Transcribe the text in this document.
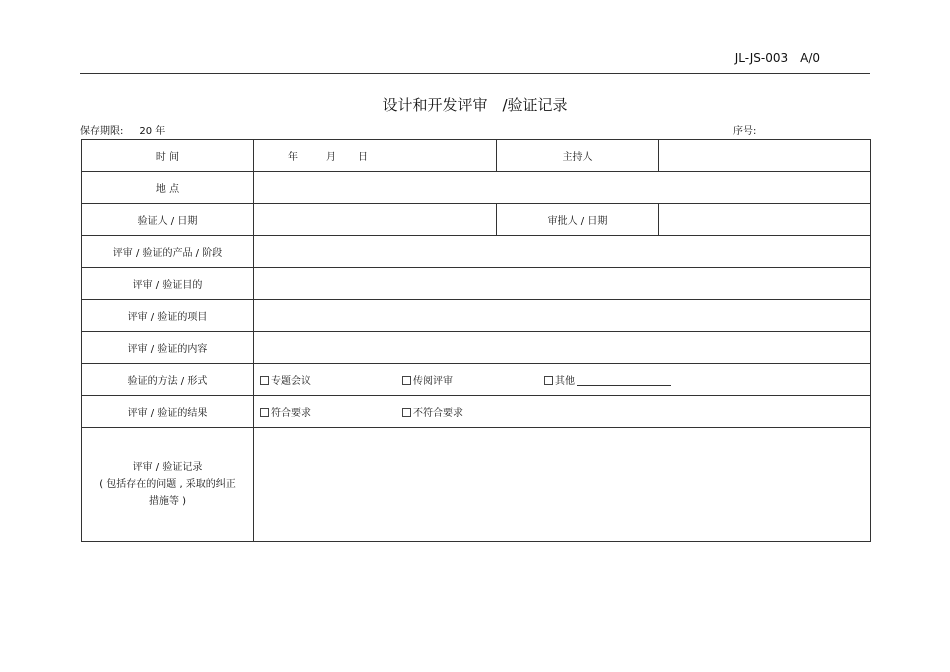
JL-JS-003 A/0
设计和开发评审　/验证记录
保存期限: 20 年	序号:
时 间	年 月 日	主持人	
地 点			
验证人 / 日期		审批人 / 日期	
评审 / 验证的产品 / 阶段			
评审 / 验证目的			
评审 / 验证的项目			
评审 / 验证的内容			
验证的方法 / 形式	专题会议 传阅评审 其他		
评审 / 验证的结果	符合要求 不符合要求		

评审 / 验证记录
( 包括存在的问题 , 采取的纠正
措施等 )			
